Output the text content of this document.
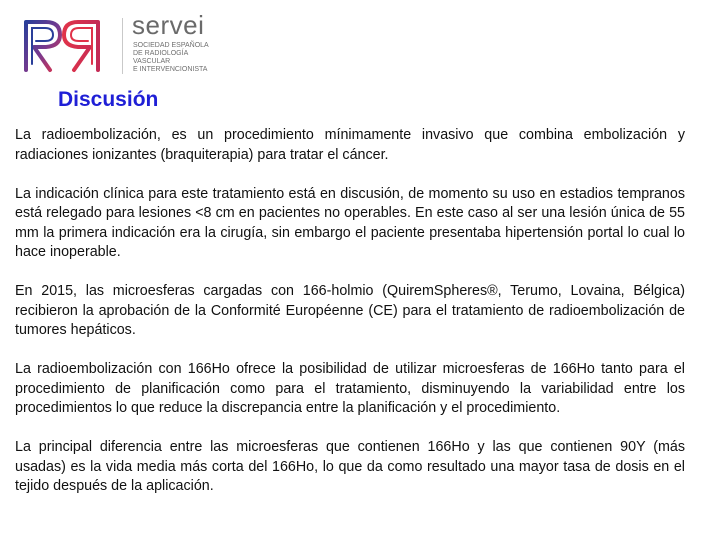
servei
SOCIEDAD ESPAÑOLA
DE RADIOLOGÍA
VASCULAR
E INTERVENCIONISTA
Discusión

La radioembolización, es un procedimiento mínimamente invasivo que combina embolización y radiaciones ionizantes (braquiterapia) para tratar el cáncer.

La indicación clínica para este tratamiento está en discusión, de momento su uso en estadios tempranos está relegado para lesiones <8 cm en pacientes no operables. En este caso al ser una lesión única de 55 mm la primera indicación era la cirugía, sin embargo el paciente presentaba hipertensión portal lo cual lo hace inoperable.

En 2015, las microesferas cargadas con 166-holmio (QuiremSpheres®, Terumo, Lovaina, Bélgica) recibieron la aprobación de la Conformité Européenne (CE) para el tratamiento de radioembolización de tumores hepáticos.

La radioembolización con 166Ho ofrece la posibilidad de utilizar microesferas de 166Ho tanto para el procedimiento de planificación como para el tratamiento, disminuyendo la variabilidad entre los procedimientos lo que reduce la discrepancia entre la planificación y el procedimiento.

La principal diferencia entre las microesferas que contienen 166Ho y las que contienen 90Y (más usadas) es la vida media más corta del 166Ho, lo que da como resultado una mayor tasa de dosis en el tejido después de la aplicación.
